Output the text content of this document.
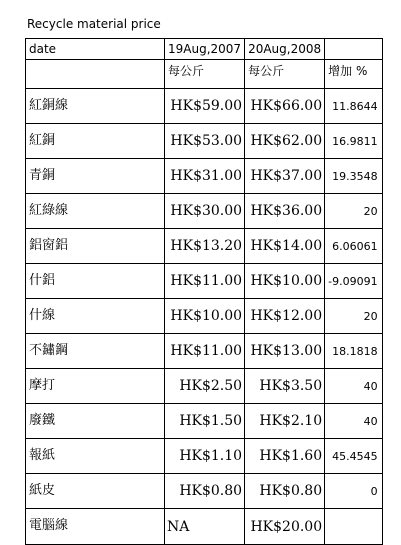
Recycle material price
date	19Aug,2007	20Aug,2008	
	每公斤	每公斤	增加 %
紅銅線	HK$59.00	HK$66.00	11.8644
紅銅	HK$53.00	HK$62.00	16.9811
青銅	HK$31.00	HK$37.00	19.3548
紅綠線	HK$30.00	HK$36.00	20
鋁窗鋁	HK$13.20	HK$14.00	6.06061
什鋁	HK$11.00	HK$10.00	-9.09091
什線	HK$10.00	HK$12.00	20
不鏽鋼	HK$11.00	HK$13.00	18.1818
摩打	HK$2.50	HK$3.50	40
廢鐵	HK$1.50	HK$2.10	40
報紙	HK$1.10	HK$1.60	45.4545
紙皮	HK$0.80	HK$0.80	0
電腦線	NA	HK$20.00	
